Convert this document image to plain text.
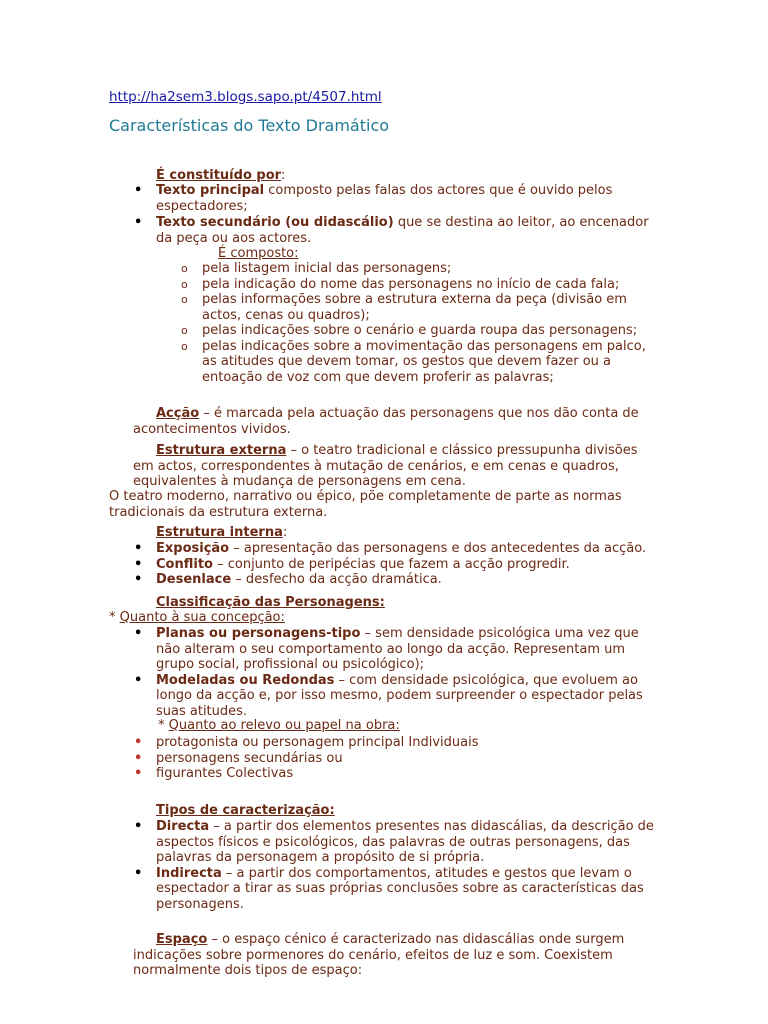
http://ha2sem3.blogs.sapo.pt/4507.html
Características do Texto Dramático
É constituído por:
• Texto principal composto pelas falas dos actores que é ouvido pelos espectadores;
• Texto secundário (ou didascálio) que se destina ao leitor, ao encenador da peça ou aos actores.
É composto:
o pela listagem inicial das personagens;
o pela indicação do nome das personagens no início de cada fala;
o pelas informações sobre a estrutura externa da peça (divisão em actos, cenas ou quadros);
o pelas indicações sobre o cenário e guarda roupa das personagens;
o pelas indicações sobre a movimentação das personagens em palco, as atitudes que devem tomar, os gestos que devem fazer ou a entoação de voz com que devem proferir as palavras;
Acção – é marcada pela actuação das personagens que nos dão conta de acontecimentos vividos.
Estrutura externa – o teatro tradicional e clássico pressupunha divisões em actos, correspondentes à mutação de cenários, e em cenas e quadros, equivalentes à mudança de personagens em cena.
O teatro moderno, narrativo ou épico, põe completamente de parte as normas tradicionais da estrutura externa.
Estrutura interna:
• Exposição – apresentação das personagens e dos antecedentes da acção.
• Conflito – conjunto de peripécias que fazem a acção progredir.
• Desenlace – desfecho da acção dramática.
Classificação das Personagens:
* Quanto à sua concepção:
• Planas ou personagens-tipo – sem densidade psicológica uma vez que não alteram o seu comportamento ao longo da acção. Representam um grupo social, profissional ou psicológico);
• Modeladas ou Redondas – com densidade psicológica, que evoluem ao longo da acção e, por isso mesmo, podem surpreender o espectador pelas suas atitudes.
* Quanto ao relevo ou papel na obra:
• protagonista ou personagem principal Individuais
• personagens secundárias ou
• figurantes Colectivas
Tipos de caracterização:
• Directa – a partir dos elementos presentes nas didascálias, da descrição de aspectos físicos e psicológicos, das palavras de outras personagens, das palavras da personagem a propósito de si própria.
• Indirecta – a partir dos comportamentos, atitudes e gestos que levam o espectador a tirar as suas próprias conclusões sobre as características das personagens.
Espaço – o espaço cénico é caracterizado nas didascálias onde surgem indicações sobre pormenores do cenário, efeitos de luz e som. Coexistem normalmente dois tipos de espaço:
